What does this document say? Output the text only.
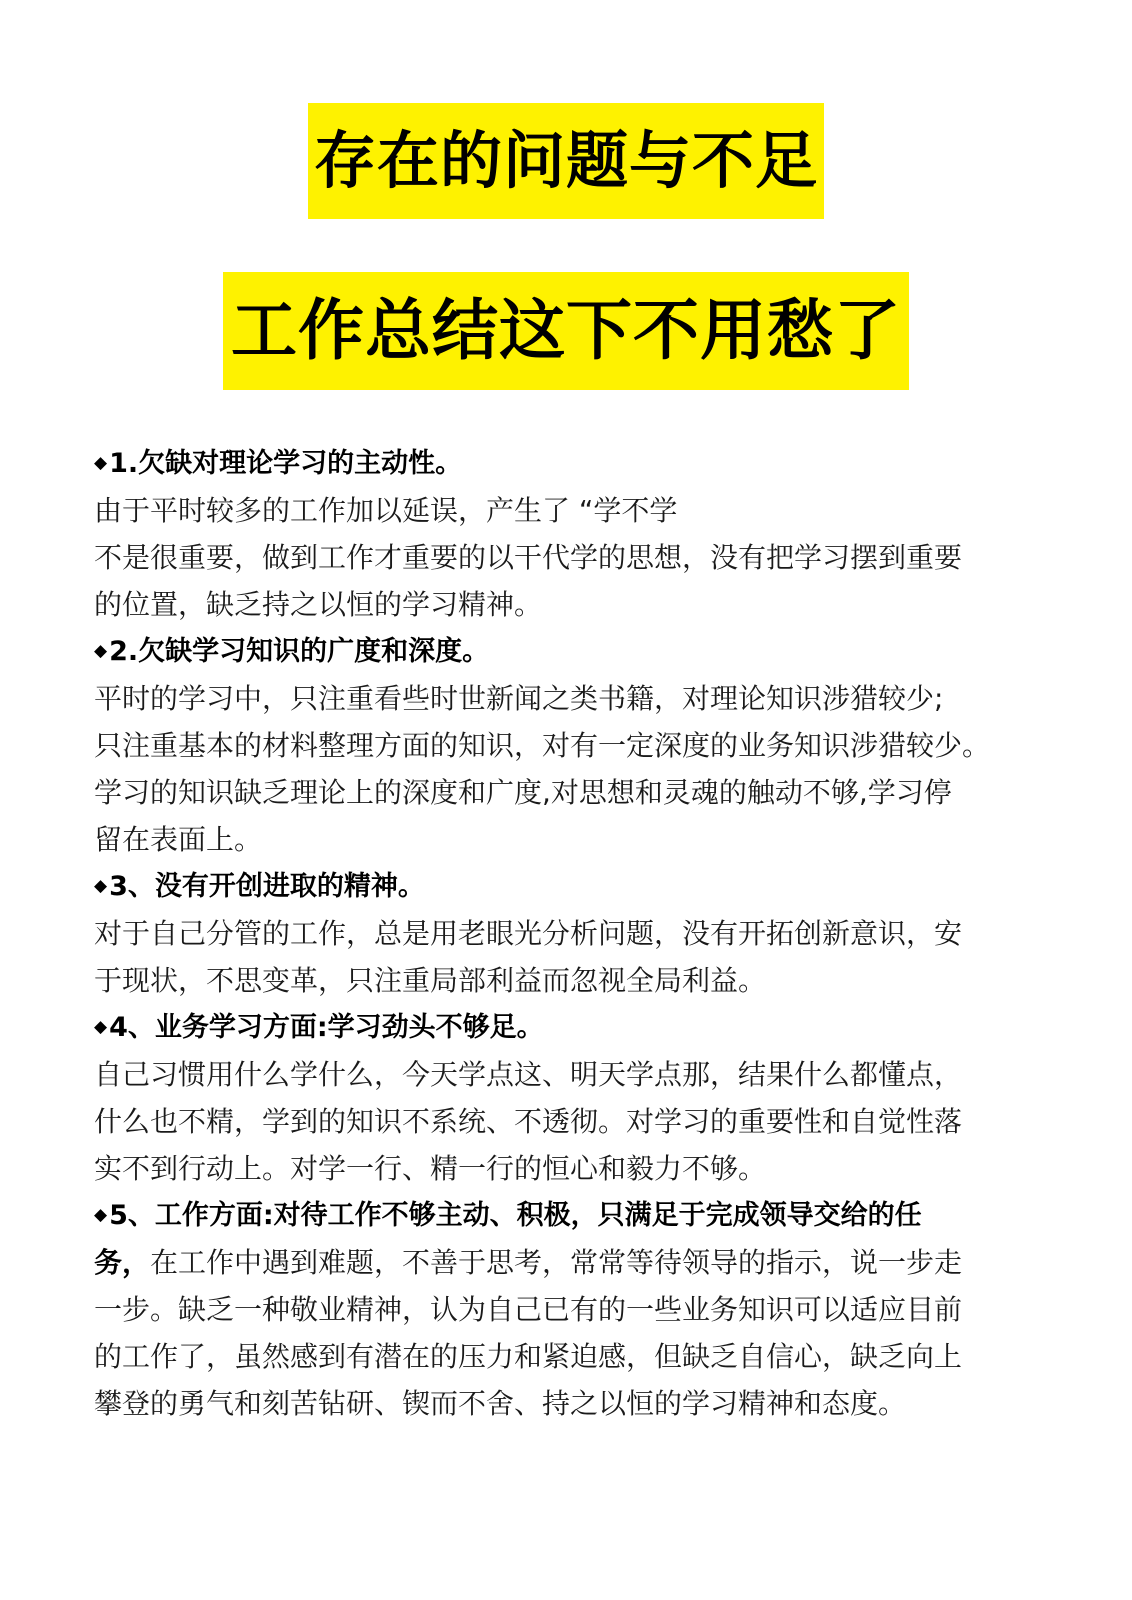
存在的问题与不足
工作总结这下不用愁了

◆1.欠缺对理论学习的主动性。

由于平时较多的工作加以延误，产生了 “学不学

不是很重要，做到工作才重要的以干代学的思想，没有把学习摆到重要

的位置，缺乏持之以恒的学习精神。

◆2.欠缺学习知识的广度和深度。

平时的学习中，只注重看些时世新闻之类书籍，对理论知识涉猎较少;

只注重基本的材料整理方面的知识，对有一定深度的业务知识涉猎较少。

学习的知识缺乏理论上的深度和广度,对思想和灵魂的触动不够,学习停

留在表面上。

◆3、没有开创进取的精神。

对于自己分管的工作，总是用老眼光分析问题，没有开拓创新意识，安

于现状，不思变革，只注重局部利益而忽视全局利益。

◆4、业务学习方面:学习劲头不够足。

自己习惯用什么学什么，今天学点这、明天学点那，结果什么都懂点，

什么也不精，学到的知识不系统、不透彻。对学习的重要性和自觉性落

实不到行动上。对学一行、精一行的恒心和毅力不够。

◆5、工作方面:对待工作不够主动、积极，只满足于完成领导交给的任

务，在工作中遇到难题，不善于思考，常常等待领导的指示，说一步走

一步。缺乏一种敬业精神，认为自己已有的一些业务知识可以适应目前

的工作了，虽然感到有潜在的压力和紧迫感，但缺乏自信心，缺乏向上

攀登的勇气和刻苦钻研、锲而不舍、持之以恒的学习精神和态度。
